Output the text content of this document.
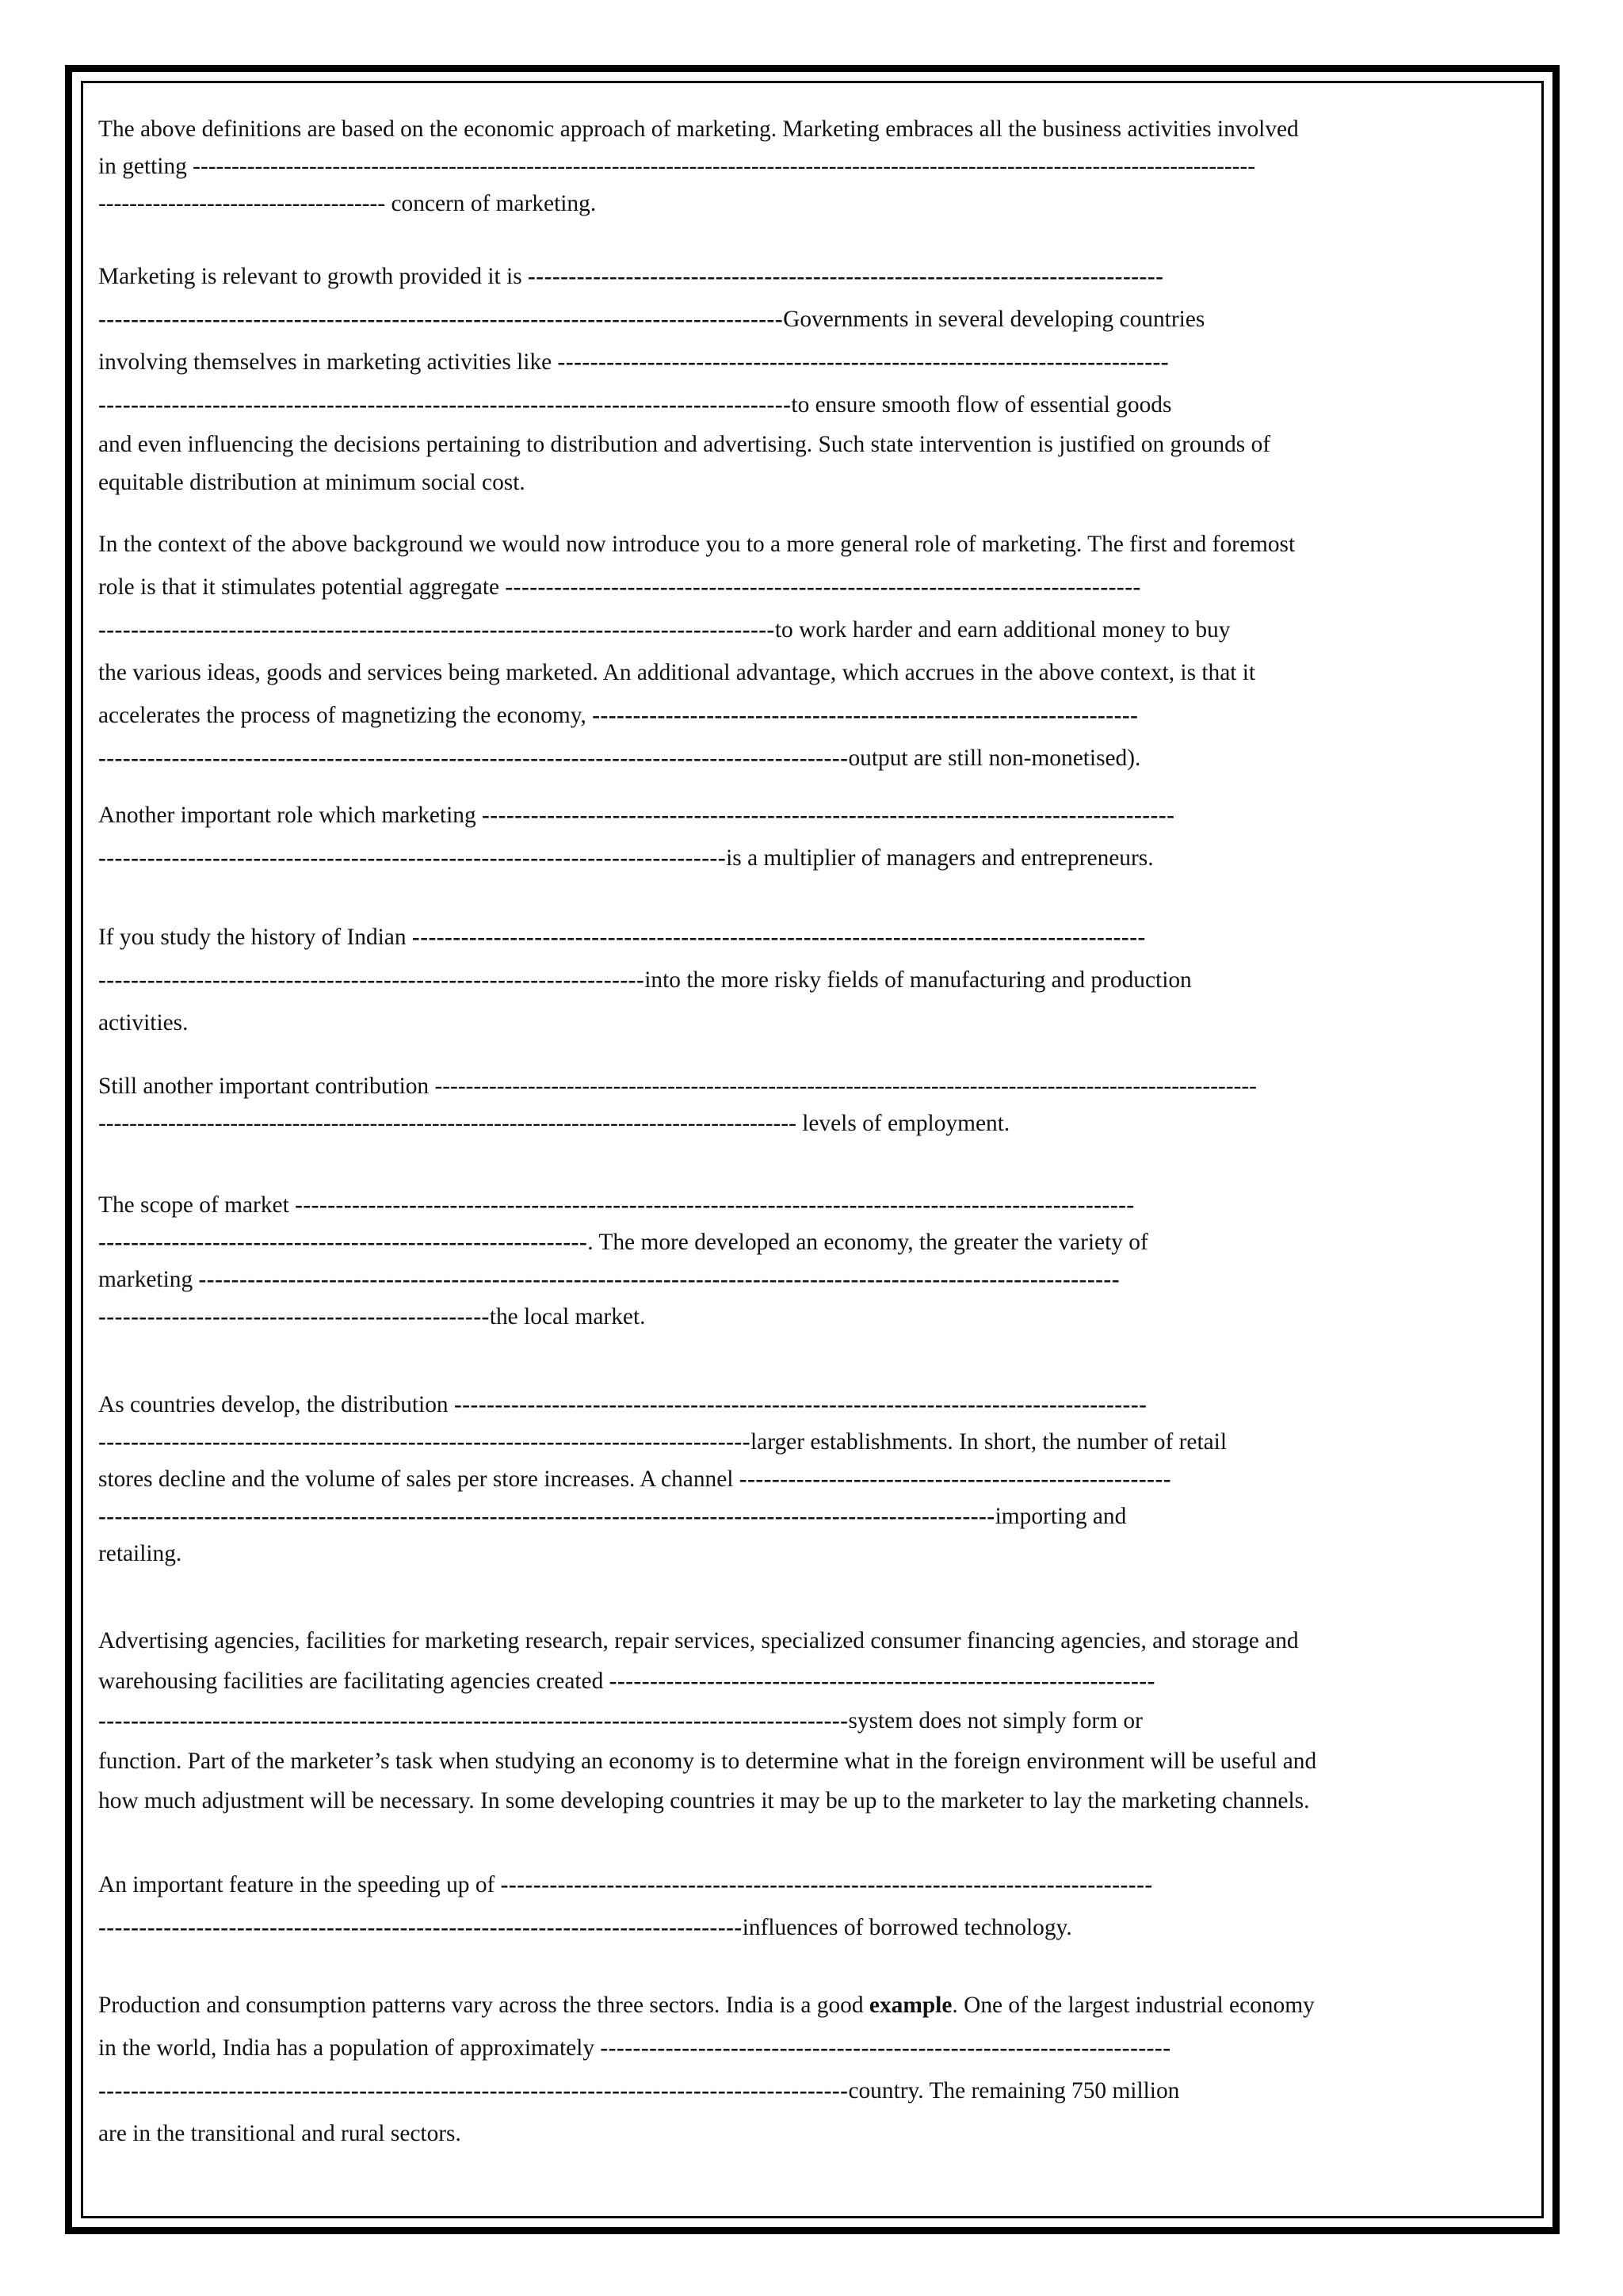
The above definitions are based on the economic approach of marketing. Marketing embraces all the business activities involved
in getting -----------------------------------------------------------------------------------------------------------------------------------------
------------------------------------- concern of marketing.
Marketing is relevant to growth provided it is ------------------------------------------------------------------------------
------------------------------------------------------------------------------------Governments in several developing countries
involving themselves in marketing activities like ---------------------------------------------------------------------------
-------------------------------------------------------------------------------------to ensure smooth flow of essential goods
and even influencing the decisions pertaining to distribution and advertising. Such state intervention is justified on grounds of
equitable distribution at minimum social cost.
In the context of the above background we would now introduce you to a more general role of marketing. The first and foremost
role is that it stimulates potential aggregate ------------------------------------------------------------------------------
-----------------------------------------------------------------------------------to work harder and earn additional money to buy
the various ideas, goods and services being marketed. An additional advantage, which accrues in the above context, is that it
accelerates the process of magnetizing the economy, -------------------------------------------------------------------
--------------------------------------------------------------------------------------------output are still non-monetised).
Another important role which marketing -------------------------------------------------------------------------------------
-----------------------------------------------------------------------------is a multiplier of managers and entrepreneurs.
If you study the history of Indian ------------------------------------------------------------------------------------------
-------------------------------------------------------------------into the more risky fields of manufacturing and production
activities.
Still another important contribution ----------------------------------------------------------------------------------------------------------
------------------------------------------------------------------------------------------ levels of employment.
The scope of market -------------------------------------------------------------------------------------------------------
------------------------------------------------------------. The more developed an economy, the greater the variety of
marketing -----------------------------------------------------------------------------------------------------------------
------------------------------------------------the local market.
As countries develop, the distribution -------------------------------------------------------------------------------------
--------------------------------------------------------------------------------larger establishments. In short, the number of retail
stores decline and the volume of sales per store increases. A channel -----------------------------------------------------
--------------------------------------------------------------------------------------------------------------importing and
retailing.
Advertising agencies, facilities for marketing research, repair services, specialized consumer financing agencies, and storage and
warehousing facilities are facilitating agencies created -------------------------------------------------------------------
--------------------------------------------------------------------------------------------system does not simply form or
function. Part of the marketer’s task when studying an economy is to determine what in the foreign environment will be useful and
how much adjustment will be necessary. In some developing countries it may be up to the marketer to lay the marketing channels.
An important feature in the speeding up of --------------------------------------------------------------------------------
-------------------------------------------------------------------------------influences of borrowed technology.
Production and consumption patterns vary across the three sectors. India is a good example. One of the largest industrial economy
in the world, India has a population of approximately ----------------------------------------------------------------------
--------------------------------------------------------------------------------------------country. The remaining 750 million
are in the transitional and rural sectors.
